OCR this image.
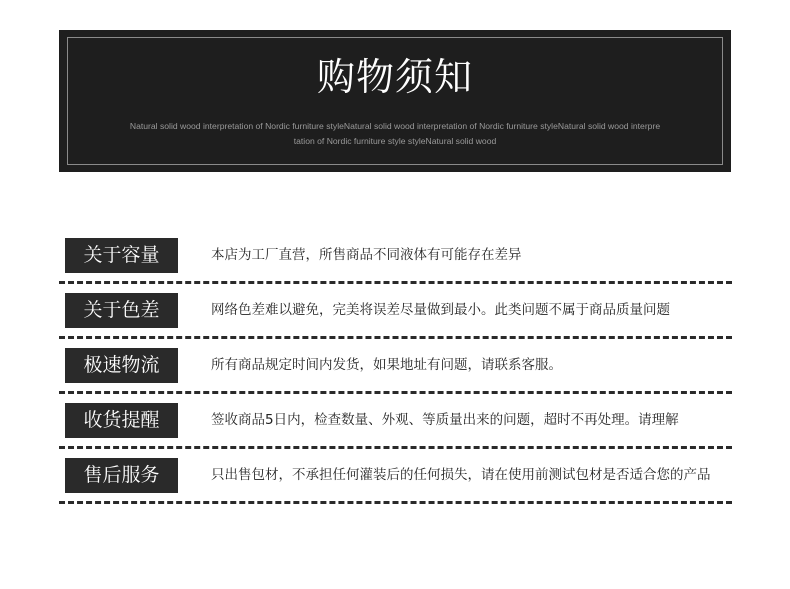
购物须知
Natural solid wood interpretation of Nordic furniture styleNatural solid wood interpretation of Nordic furniture styleNatural solid wood interpretation of Nordic furniture style styleNatural solid wood
关于容量	本店为工厂直营，所售商品不同液体有可能存在差异
关于色差	网络色差难以避免，完美将误差尽量做到最小。此类问题不属于商品质量问题
极速物流	所有商品规定时间内发货，如果地址有问题，请联系客服。
收货提醒	签收商品5日内，检查数量、外观、等质量出来的问题，超时不再处理。请理解
售后服务	只出售包材，不承担任何灌装后的任何损失，请在使用前测试包材是否适合您的产品
